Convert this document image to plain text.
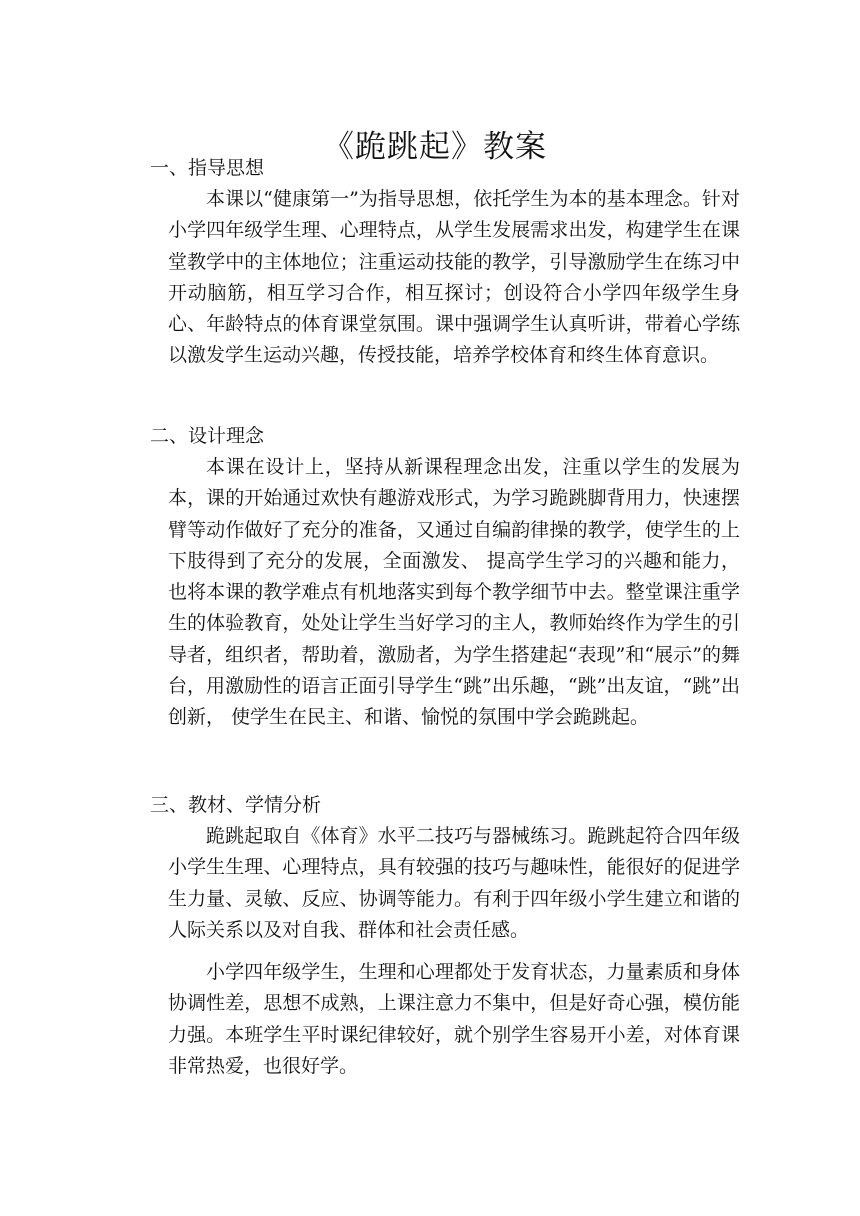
《跪跳起》教案
一、指导思想

本课以“健康第一”为指导思想，依托学生为本的基本理念。针对小学四年级学生理、心理特点，从学生发展需求出发，构建学生在课堂教学中的主体地位；注重运动技能的教学，引导激励学生在练习中开动脑筋，相互学习合作，相互探讨；创设符合小学四年级学生身心、年龄特点的体育课堂氛围。课中强调学生认真听讲，带着心学练以激发学生运动兴趣，传授技能，培养学校体育和终生体育意识。

二、设计理念

本课在设计上，坚持从新课程理念出发，注重以学生的发展为本，课的开始通过欢快有趣游戏形式，为学习跪跳脚背用力，快速摆臂等动作做好了充分的准备，又通过自编韵律操的教学，使学生的上下肢得到了充分的发展，全面激发、 提高学生学习的兴趣和能力，也将本课的教学难点有机地落实到每个教学细节中去。整堂课注重学生的体验教育，处处让学生当好学习的主人，教师始终作为学生的引导者，组织者，帮助着，激励者，为学生搭建起“表现”和“展示”的舞台，用激励性的语言正面引导学生“跳”出乐趣，“跳”出友谊，“跳”出创新， 使学生在民主、和谐、愉悦的氛围中学会跪跳起。

三、教材、学情分析

跪跳起取自《体育》水平二技巧与器械练习。跪跳起符合四年级小学生生理、心理特点，具有较强的技巧与趣味性，能很好的促进学生力量、灵敏、反应、协调等能力。有利于四年级小学生建立和谐的人际关系以及对自我、群体和社会责任感。

小学四年级学生，生理和心理都处于发育状态，力量素质和身体协调性差，思想不成熟，上课注意力不集中，但是好奇心强，模仿能力强。本班学生平时课纪律较好，就个别学生容易开小差，对体育课非常热爱，也很好学。
